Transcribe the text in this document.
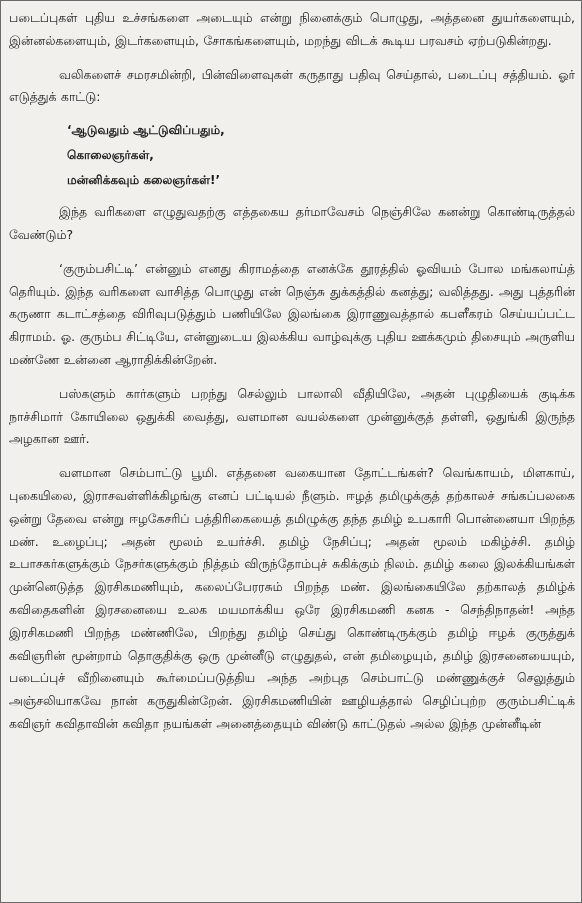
படைப்புகள் புதிய உச்சங்களை அடையும் என்று நினைக்கும் பொழுது, அத்தனை துயர்களையும், இன்னல்களையும், இடர்களையும், சோகங்களையும், மறந்து விடக் கூடிய பரவசம் ஏற்படுகின்றது.

வலிகளைச் சமரசமின்றி, பின்விளைவுகள் கருதாது பதிவு செய்தால், படைப்பு சத்தியம். ஓர் எடுத்துக் காட்டு:

‘ஆடுவதும் ஆட்டுவிப்பதும்,
கொலைஞர்கள்,
மன்னிக்கவும் கலைஞர்கள்!’

இந்த வரிகளை எழுதுவதற்கு எத்தகைய தர்மாவேசம் நெஞ்சிலே கனன்று கொண்டிருத்தல் வேண்டும்?

‘குரும்பசிட்டி’ என்னும் எனது கிராமத்தை எனக்கே தூரத்தில் ஓவியம் போல மங்கலாய்த் தெரியும். இந்த வரிகளை வாசித்த பொழுது என் நெஞ்சு துக்கத்தில் கனத்து; வலித்தது. அது புத்தரின் கருணா கடாட்சத்தை விரிவுபடுத்தும் பணியிலே இலங்கை இராணுவத்தால் கபளீகரம் செய்யப்பட்ட கிராமம். ஓ. குரும்ப சிட்டியே, என்னுடைய இலக்கிய வாழ்வுக்கு புதிய ஊக்கமும் திசையும் அருளிய மண்ணே உன்னை ஆராதிக்கின்றேன்.

பஸ்களும் கார்களும் பறந்து செல்லும் பாலாலி வீதியிலே, அதன் புழுதியைக் குடிக்க நாச்சிமார் கோயிலை ஒதுக்கி வைத்து, வளமான வயல்களை முன்னுக்குத் தள்ளி, ஒதுங்கி இருந்த அழகான ஊர்.

வளமான செம்பாட்டு பூமி. எத்தனை வகையான தோட்டங்கள்? வெங்காயம், மிளகாய், புகையிலை, இராசவள்ளிக்கிழங்கு எனப் பட்டியல் நீளும். ஈழத் தமிழுக்குத் தற்காலச் சங்கப்பலகை ஒன்று தேவை என்று ஈழகேசரிப் பத்திரிகையைத் தமிழுக்கு தந்த தமிழ் உபகாரி பொன்னையா பிறந்த மண். உழைப்பு; அதன் மூலம் உயர்ச்சி. தமிழ் நேசிப்பு; அதன் மூலம் மகிழ்ச்சி. தமிழ் உபாசகர்களுக்கும் நேசர்களுக்கும் நித்தம் விருந்தோம்புச் சுகிக்கும் நிலம். தமிழ் கலை இலக்கியங்கள் முன்னெடுத்த இரசிகமணியும், கலைப்பேரரசும் பிறந்த மண். இலங்கையிலே தற்காலத் தமிழ்க் கவிதைகளின் இரசனையை உலக மயமாக்கிய ஒரே இரசிகமணி கனக - செந்திநாதன்! அந்த இரசிகமணி பிறந்த மண்ணிலே, பிறந்து தமிழ் செய்து கொண்டிருக்கும் தமிழ் ஈழக் குருத்துக் கவிஞரின் மூன்றாம் தொகுதிக்கு ஒரு முன்னீடு எழுதுதல், என் தமிழையும், தமிழ் இரசனையையும், படைப்புச் வீறினையும் கூர்மைப்படுத்திய அந்த அற்புத செம்பாட்டு மண்ணுக்குச் செலுத்தும் அஞ்சலியாகவே நான் கருதுகின்றேன். இரசிகமணியின் ஊழியத்தால் செழிப்புற்ற குரும்பசிட்டிக் கவிஞர் கவிதாவின் கவிதா நயங்கள் அனைத்தையும் விண்டு காட்டுதல் அல்ல இந்த முன்னீடின்
